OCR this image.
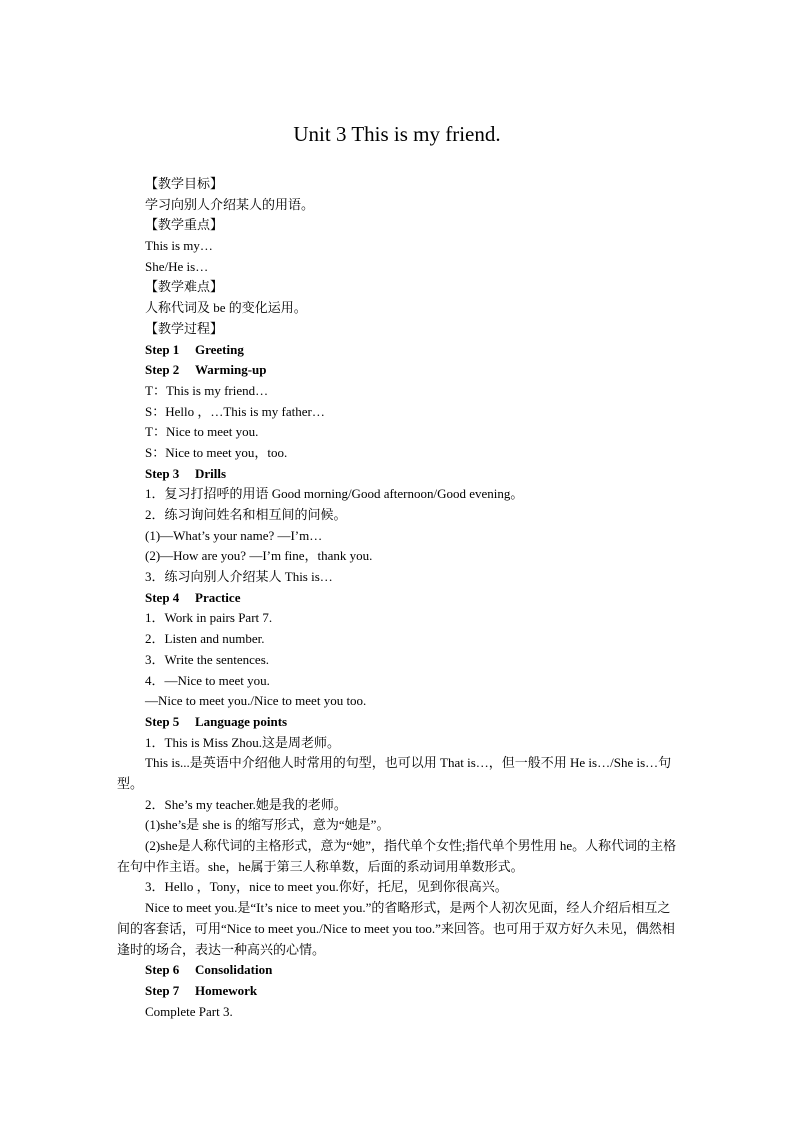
Unit 3 This is my friend.
【教学目标】
学习向别人介绍某人的用语。
【教学重点】
This is my…
She/He is…
【教学难点】
人称代词及 be 的变化运用。
【教学过程】
Step 1 Greeting
Step 2 Warming-up
T：This is my friend…
S：Hello ，…This is my father…
T：Nice to meet you.
S：Nice to meet you，too.
Step 3 Drills
1．复习打招呼的用语 Good morning/Good afternoon/Good evening。
2．练习询问姓名和相互间的问候。
(1)—What’s your name? —I’m…
(2)—How are you? —I’m fine，thank you.
3．练习向别人介绍某人 This is…
Step 4 Practice
1．Work in pairs Part 7.
2．Listen and number.
3．Write the sentences.
4．—Nice to meet you.
—Nice to meet you./Nice to meet you too.
Step 5 Language points
1．This is Miss Zhou.这是周老师。
This is...是英语中介绍他人时常用的句型，也可以用 That is…，但一般不用 He is…/She is…句型。
2．She’s my teacher.她是我的老师。
(1)she’s是 she is 的缩写形式，意为“她是”。
(2)she是人称代词的主格形式，意为“她”，指代单个女性;指代单个男性用 he。人称代词的主格在句中作主语。she，he属于第三人称单数，后面的系动词用单数形式。
3．Hello ，Tony，nice to meet you.你好，托尼，见到你很高兴。
Nice to meet you.是“It’s nice to meet you.”的省略形式，是两个人初次见面，经人介绍后相互之间的客套话，可用“Nice to meet you./Nice to meet you too.”来回答。也可用于双方好久未见，偶然相逢时的场合，表达一种高兴的心情。
Step 6 Consolidation
Step 7 Homework
Complete Part 3.
